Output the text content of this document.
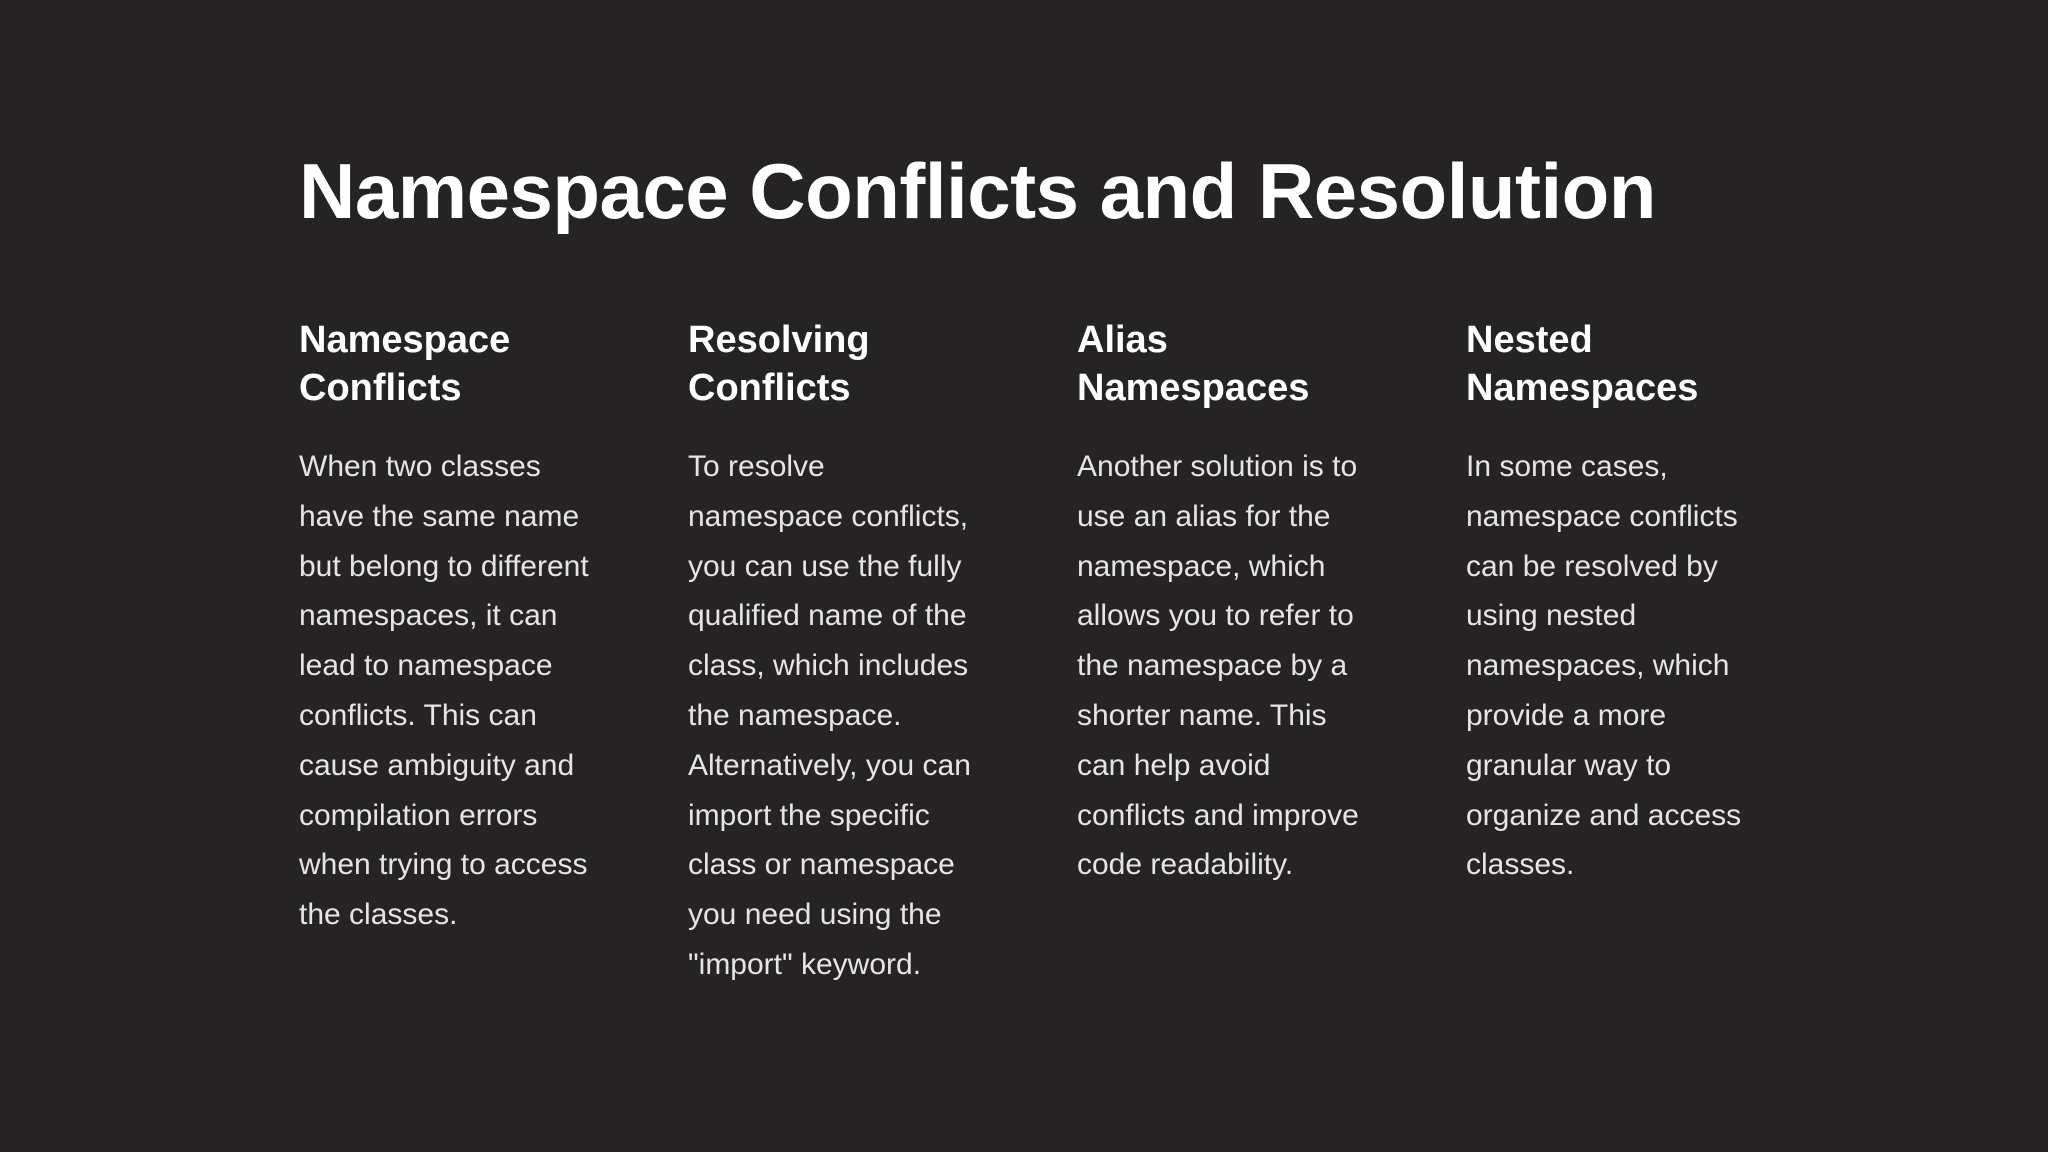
Namespace Conflicts and Resolution
Namespace Conflicts

When two classes have the same name but belong to different namespaces, it can lead to namespace conflicts. This can cause ambiguity and compilation errors when trying to access the classes.

Resolving Conflicts

To resolve namespace conflicts, you can use the fully qualified name of the class, which includes the namespace. Alternatively, you can import the specific class or namespace you need using the "import" keyword.

Alias Namespaces

Another solution is to use an alias for the namespace, which allows you to refer to the namespace by a shorter name. This can help avoid conflicts and improve code readability.

Nested Namespaces

In some cases, namespace conflicts can be resolved by using nested namespaces, which provide a more granular way to organize and access classes.
